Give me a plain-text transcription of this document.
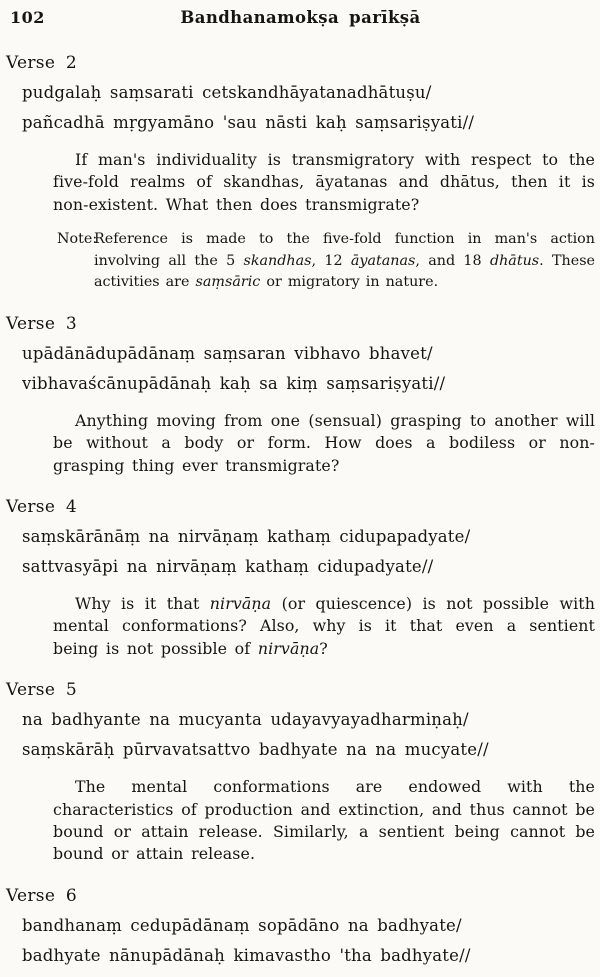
102	Bandhanamokṣa parīkṣā
Verse 2
pudgalaḥ saṃsarati cetskandhāyatanadhātuṣu/
pañcadhā mṛgyamāno 'sau nāsti kaḥ saṃsariṣyati//

If man's individuality is transmigratory with respect to the five-fold realms of skandhas, āyatanas and dhātus, then it is non-existent. What then does transmigrate?

Note:
Reference is made to the five-fold function in man's action involving all the 5 skandhas, 12 āyatanas, and 18 dhātus. These activities are saṃsāric or migratory in nature.

Verse 3
upādānādupādānaṃ saṃsaran vibhavo bhavet/
vibhavaścānupādānaḥ kaḥ sa kiṃ saṃsariṣyati//

Anything moving from one (sensual) grasping to another will be without a body or form. How does a bodiless or non-grasping thing ever transmigrate?

Verse 4
saṃskārānāṃ na nirvāṇaṃ kathaṃ cidupapadyate/
sattvasyāpi na nirvāṇaṃ kathaṃ cidupadyate//

Why is it that nirvāṇa (or quiescence) is not possible with mental conformations? Also, why is it that even a sentient being is not possible of nirvāṇa?

Verse 5
na badhyante na mucyanta udayavyayadharmiṇaḥ/
saṃskārāḥ pūrvavatsattvo badhyate na na mucyate//

The mental conformations are endowed with the characteristics of production and extinction, and thus cannot be bound or attain release. Similarly, a sentient being cannot be bound or attain release.

Verse 6
bandhanaṃ cedupādānaṃ sopādāno na badhyate/
badhyate nānupādānaḥ kimavastho 'tha badhyate//
